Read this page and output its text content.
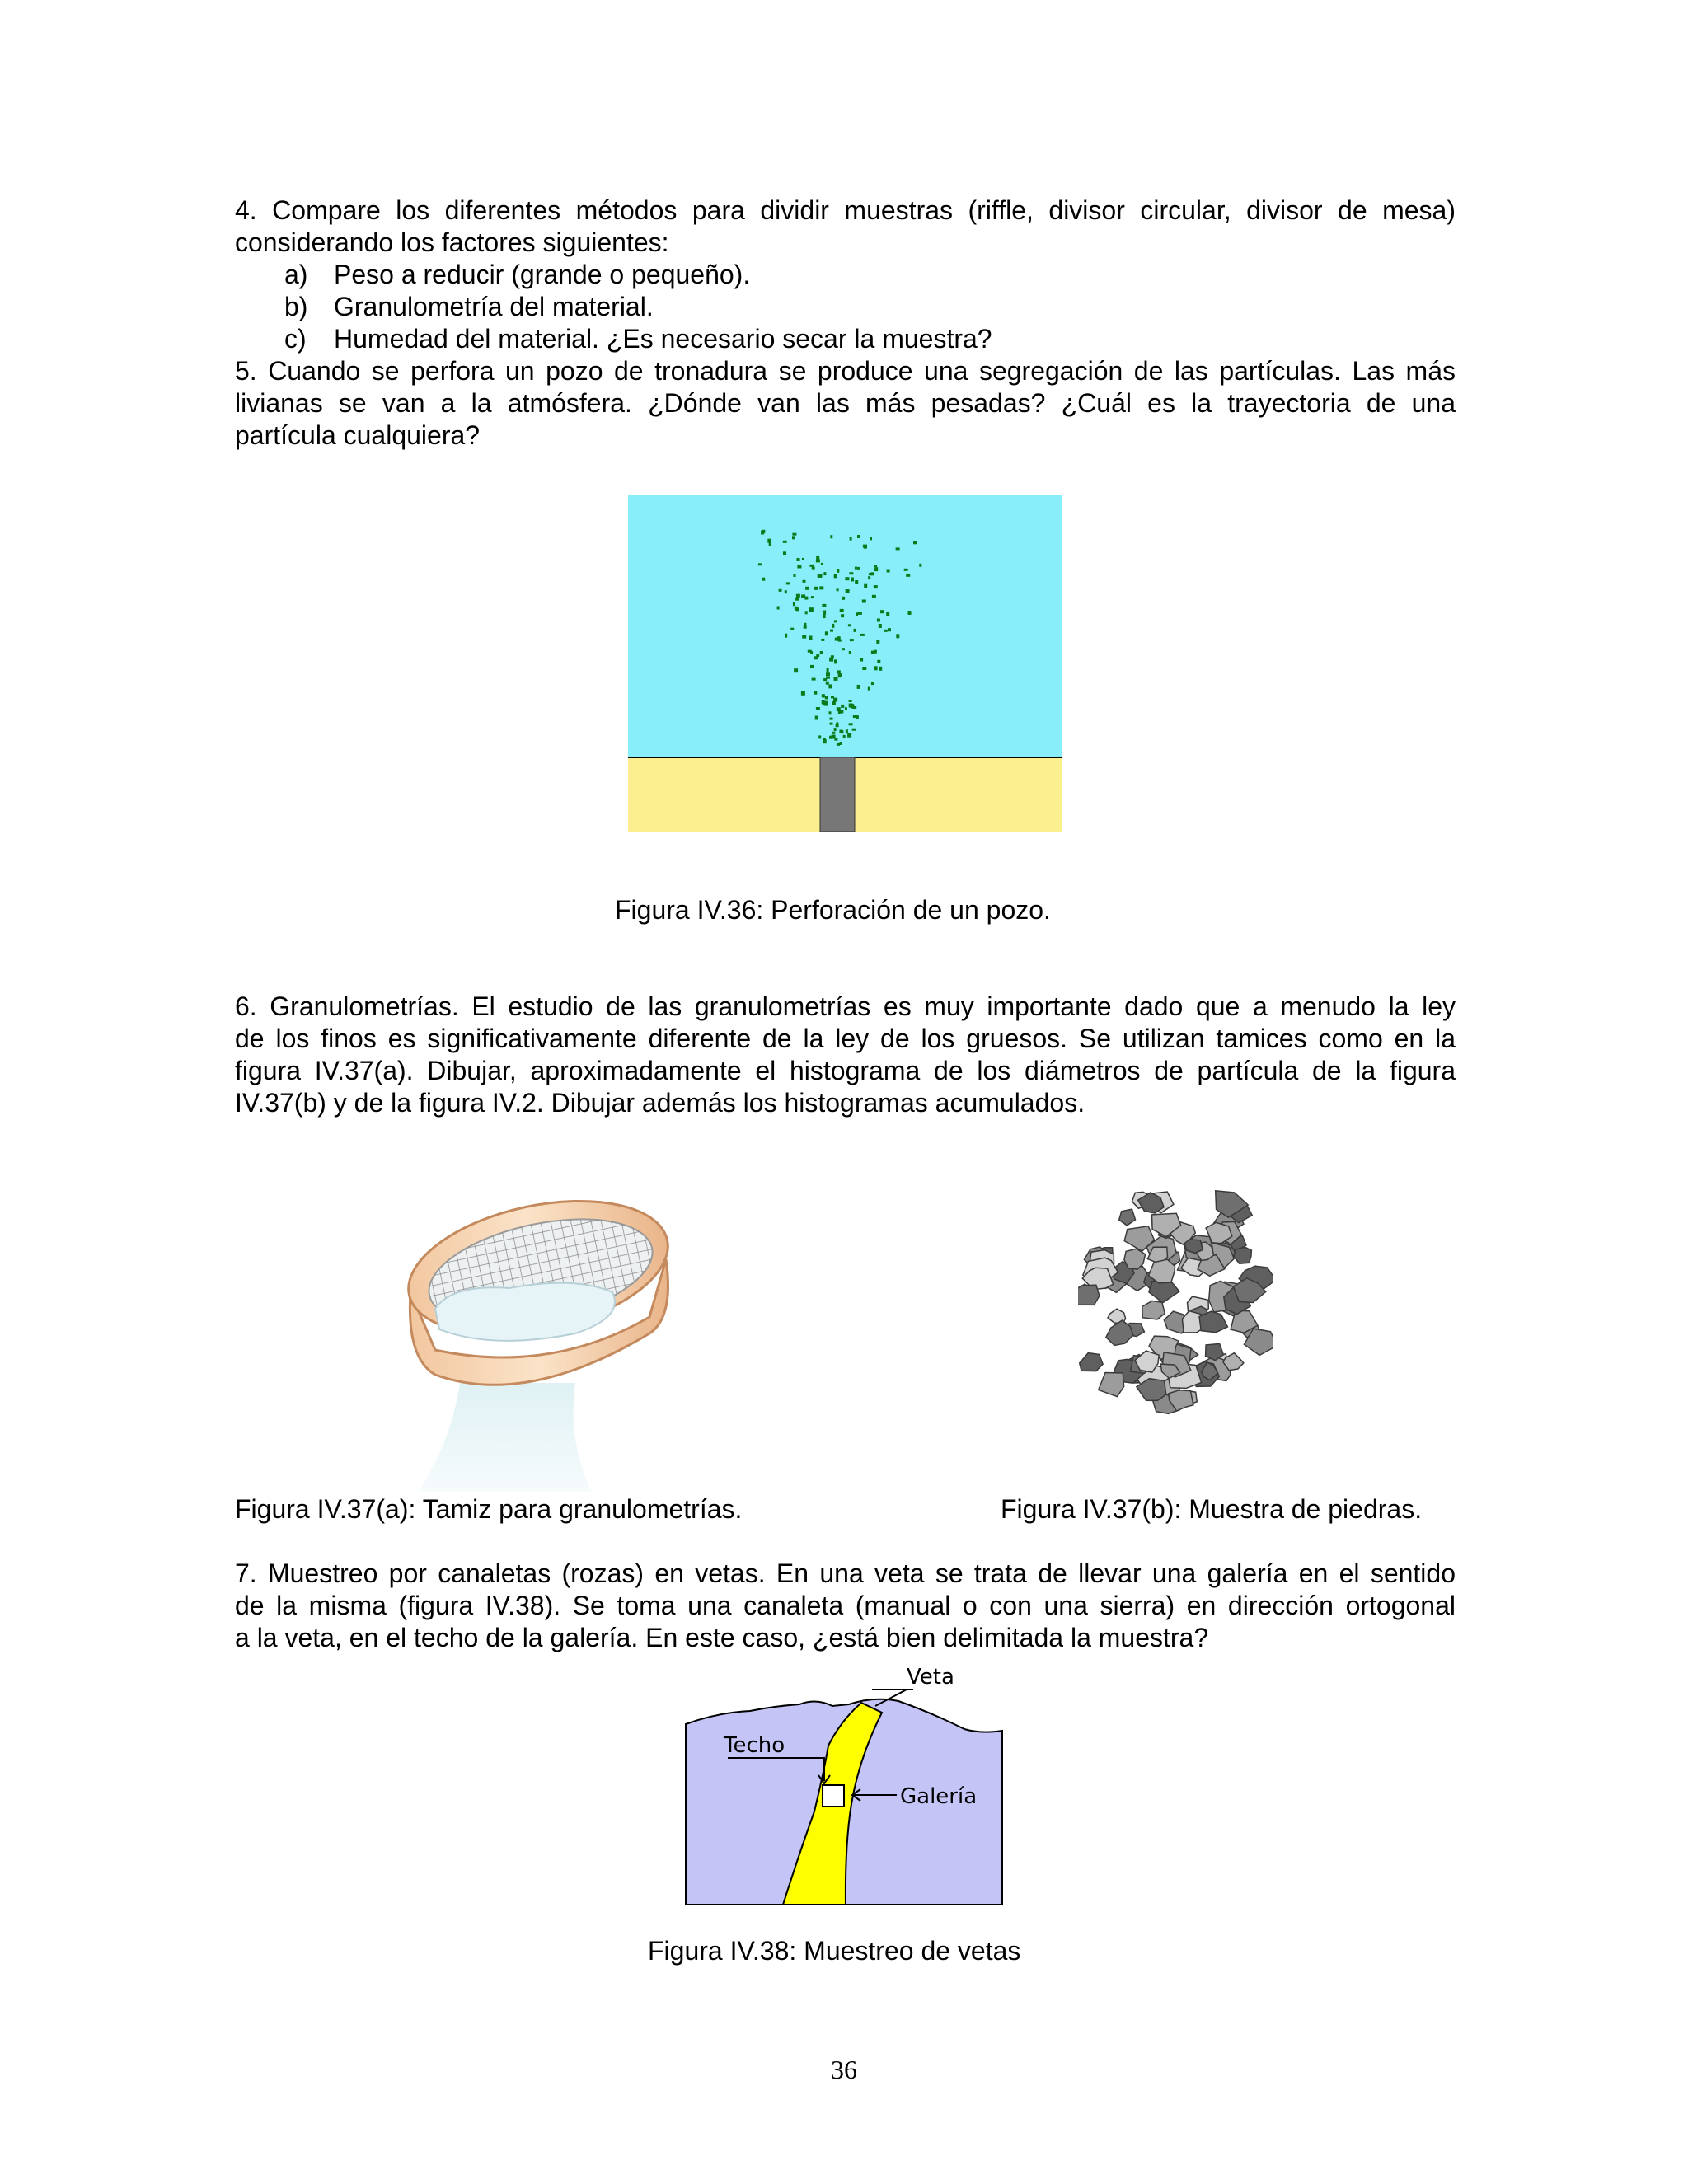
4. Compare los diferentes métodos para dividir muestras (riffle, divisor circular, divisor de mesa)
considerando los factores siguientes:
a) Peso a reducir (grande o pequeño).
b) Granulometría del material.
c) Humedad del material. ¿Es necesario secar la muestra?
5. Cuando se perfora un pozo de tronadura se produce una segregación de las partículas. Las más
livianas se van a la atmósfera. ¿Dónde van las más pesadas? ¿Cuál es la trayectoria de una
partícula cualquiera?
Figura IV.36: Perforación de un pozo.
6. Granulometrías. El estudio de las granulometrías es muy importante dado que a menudo la ley
de los finos es significativamente diferente de la ley de los gruesos. Se utilizan tamices como en la
figura IV.37(a). Dibujar, aproximadamente el histograma de los diámetros de partícula de la figura
IV.37(b) y de la figura IV.2. Dibujar además los histogramas acumulados.
Figura IV.37(a): Tamiz para granulometrías.	Figura IV.37(b): Muestra de piedras.
7. Muestreo por canaletas (rozas) en vetas. En una veta se trata de llevar una galería en el sentido
de la misma (figura IV.38). Se toma una canaleta (manual o con una sierra) en dirección ortogonal
a la veta, en el techo de la galería. En este caso, ¿está bien delimitada la muestra?
Veta
Techo
Galería
Figura IV.38: Muestreo de vetas
36
